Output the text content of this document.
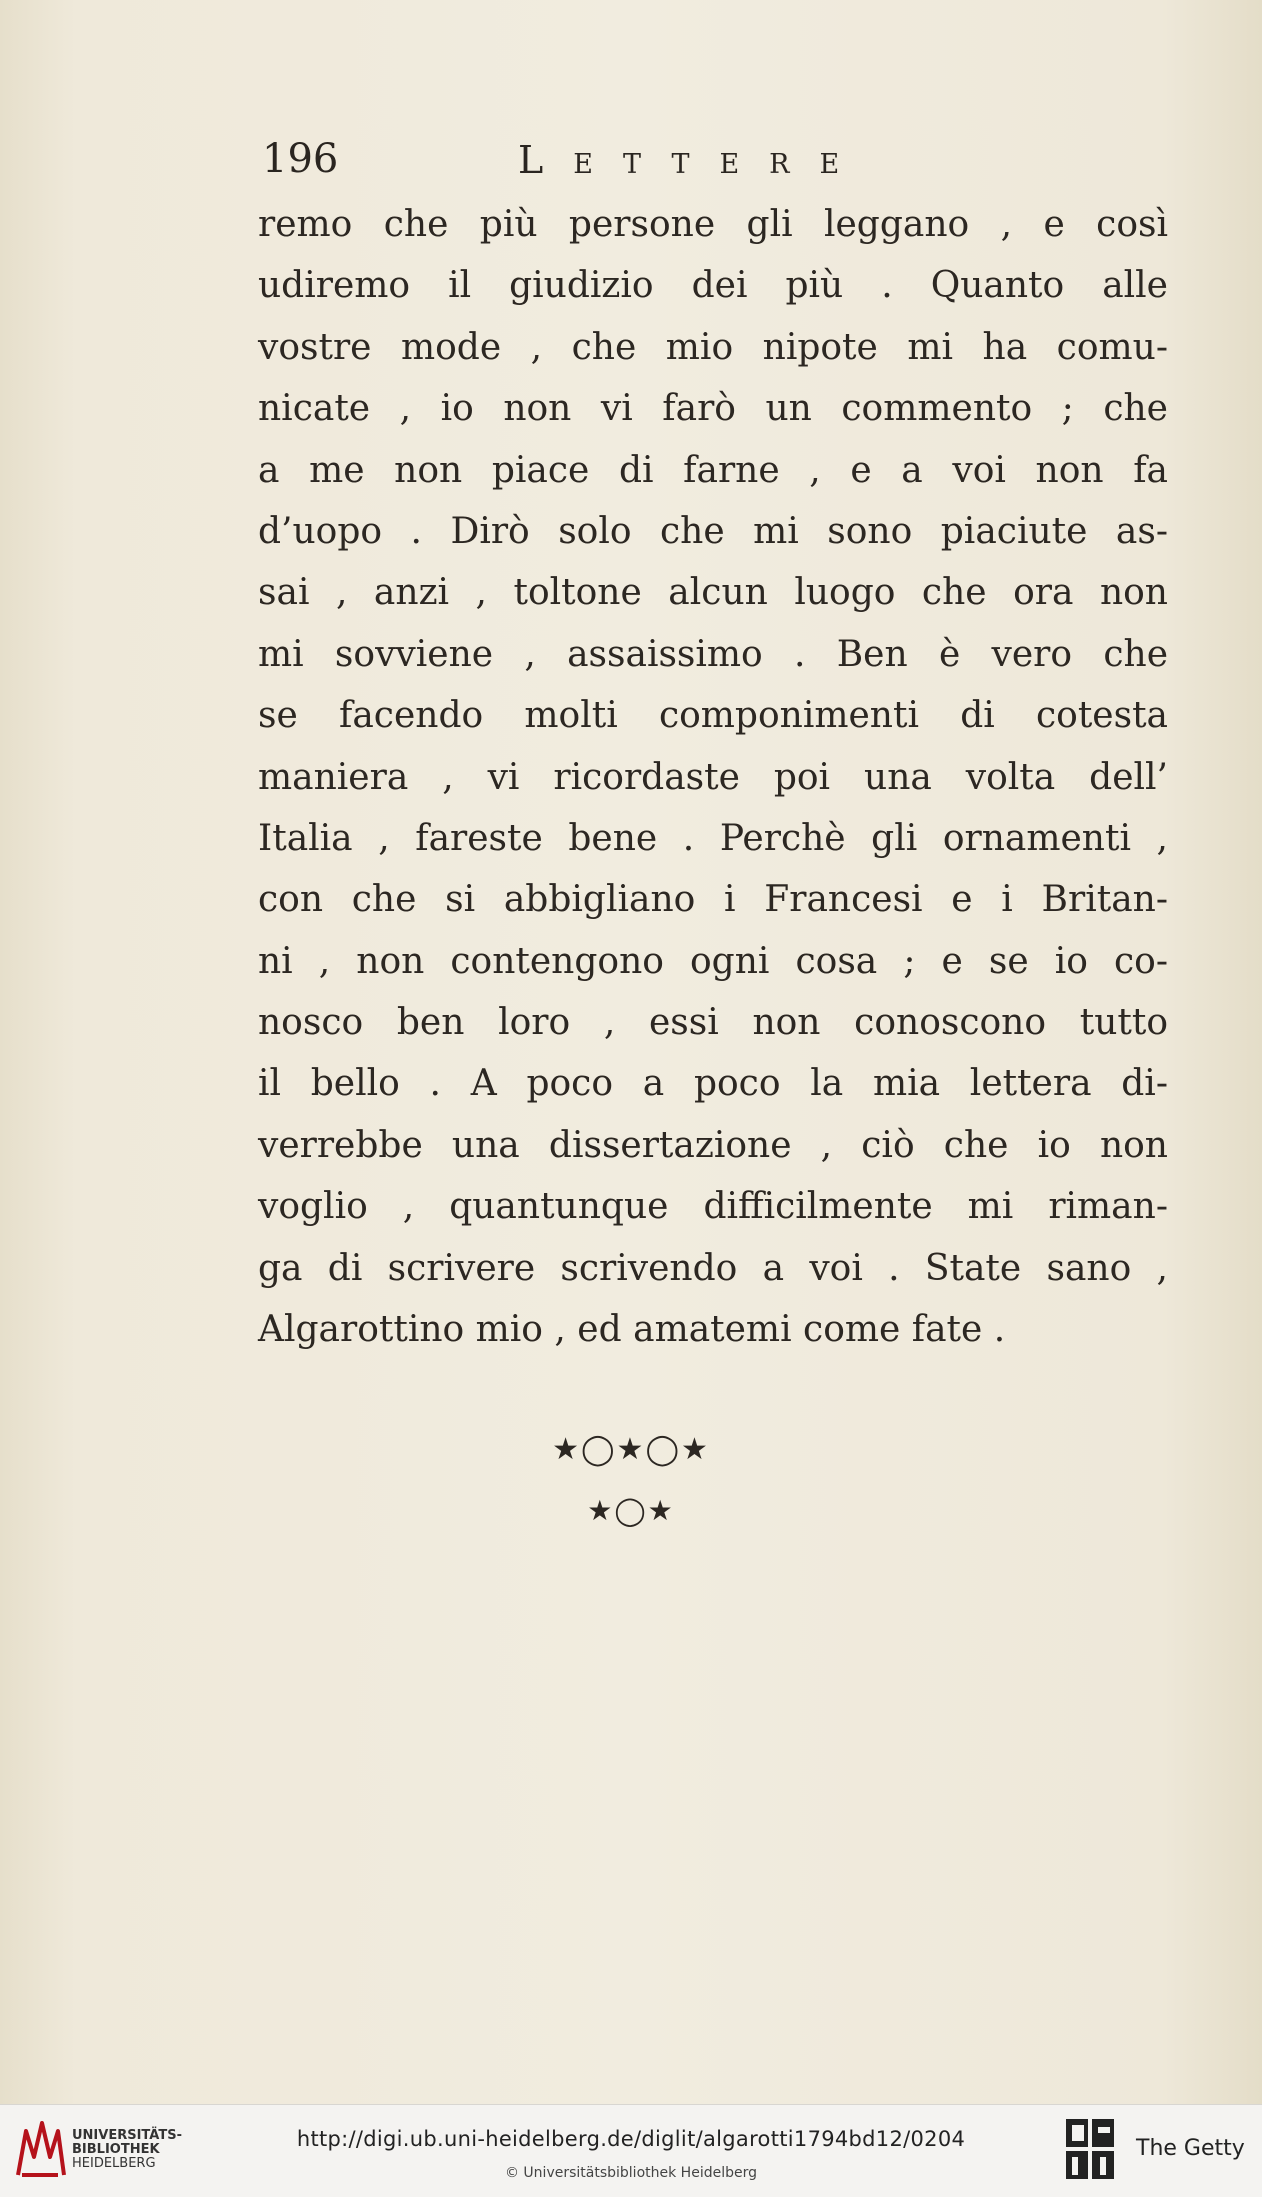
ﾠ
196	Lettere
remo che più persone gli leggano , e così
udiremo il giudizio dei più . Quanto alle
vostre mode , che mio nipote mi ha comu-
nicate , io non vi farò un commento ; che
a me non piace di farne , e a voi non fa
d’uopo . Dirò solo che mi sono piaciute as-
sai , anzi , toltone alcun luogo che ora non
mi sovviene , assaissimo . Ben è vero che
se facendo molti componimenti di cotesta
maniera , vi ricordaste poi una volta dell’
Italia , fareste bene . Perchè gli ornamenti ,
con che si abbigliano i Francesi e i Britan-
ni , non contengono ogni cosa ; e se io co-
nosco ben loro , essi non conoscono tutto
il bello . A poco a poco la mia lettera di-
verrebbe una dissertazione , ciò che io non
voglio , quantunque difficilmente mi riman-
ga di scrivere scrivendo a voi . State sano ,
Algarottino mio , ed amatemi come fate .
★◯★◯★
★◯★
UNIVERSITÄTS-
BIBLIOTHEK
HEIDELBERG
http://digi.ub.uni-heidelberg.de/diglit/algarotti1794bd12/0204
© Universitätsbibliothek Heidelberg
The Getty
